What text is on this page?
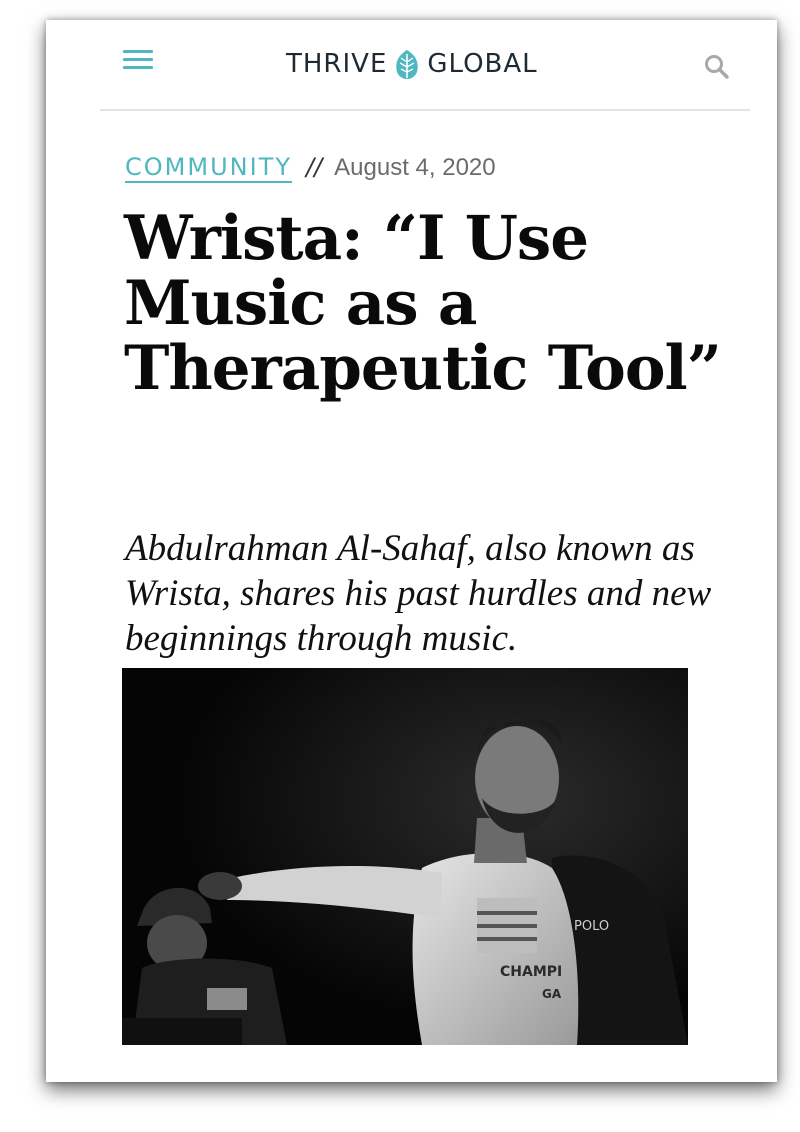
THRIVE GLOBAL
COMMUNITY // August 4, 2020
Wrista: “I Use Music as a Therapeutic Tool”

Abdulrahman Al-Sahaf, also known as Wrista, shares his past hurdles and new beginnings through music.

POLO
CHAMPI
GA
